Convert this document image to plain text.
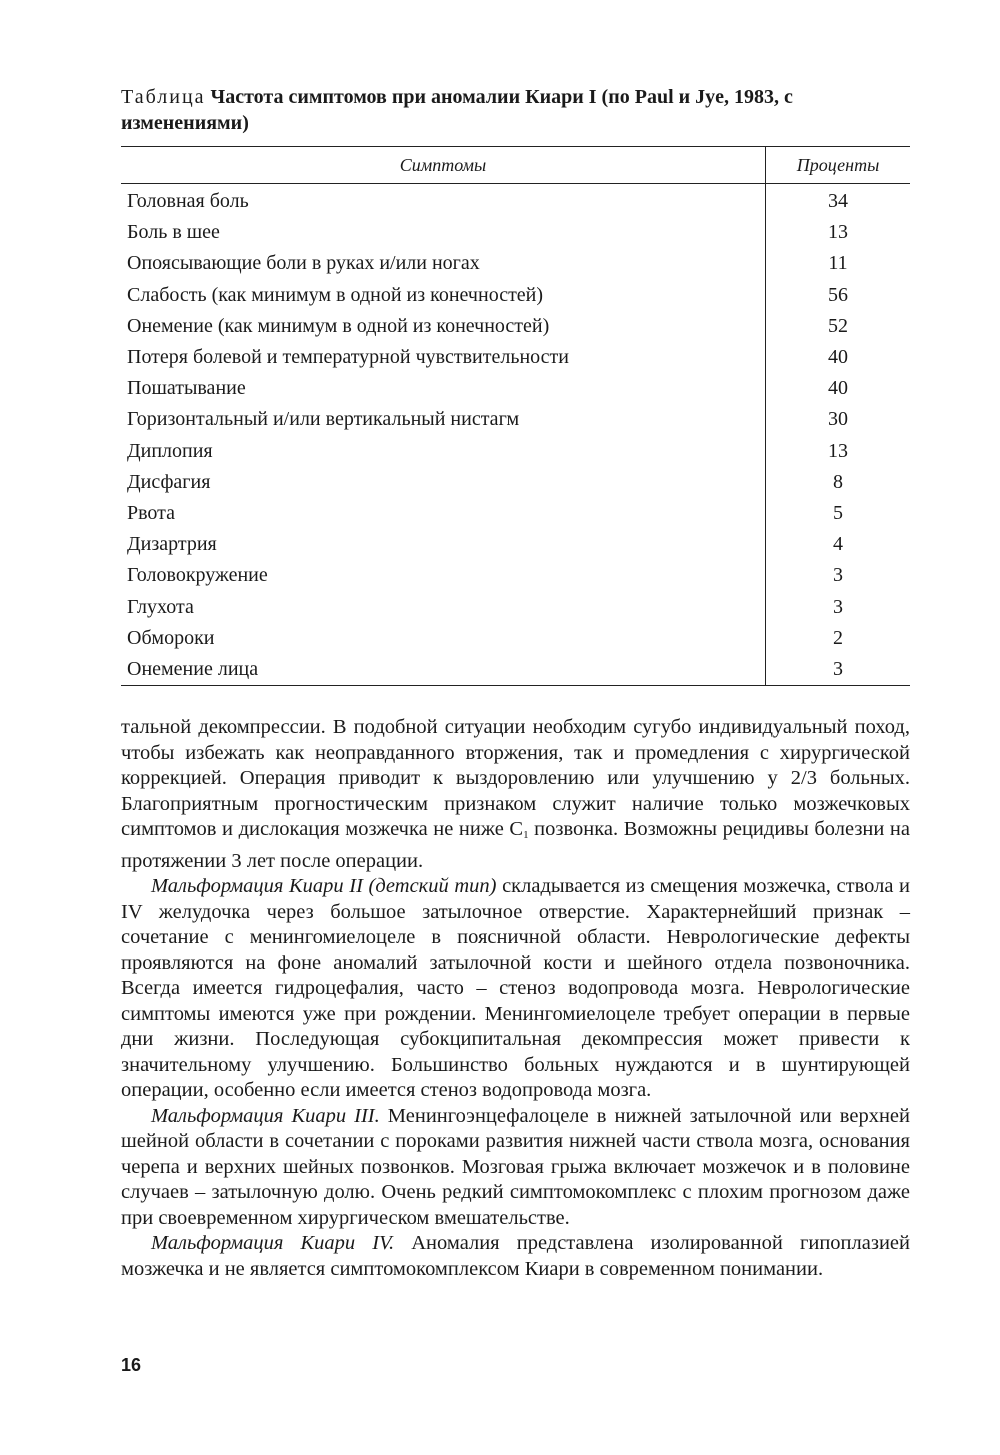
Таблица Частота симптомов при аномалии Киари I (по Paul и Jye, 1983, с изменениями)
Симптомы	Проценты
Головная боль	34
Боль в шее	13
Опоясывающие боли в руках и/или ногах	11
Слабость (как минимум в одной из конечностей)	56
Онемение (как минимум в одной из конечностей)	52
Потеря болевой и температурной чувствительности	40
Пошатывание	40
Горизонтальный и/или вертикальный нистагм	30
Диплопия	13
Дисфагия	8
Рвота	5
Дизартрия	4
Головокружение	3
Глухота	3
Обмороки	2
Онемение лица	3

тальной декомпрессии. В подобной ситуации необходим сугубо индивидуальный поход, чтобы избежать как неоправданного вторжения, так и промедления с хирургической коррекцией. Операция приводит к выздоровлению или улучшению у 2/3 больных. Благоприятным прогностическим признаком служит наличие только мозжечковых симптомов и дислокация мозжечка не ниже $C_1$ позвонка. Возможны рецидивы болезни на протяжении 3 лет после операции.

Мальформация Киари II (детский тип) складывается из смещения мозжечка, ствола и IV желудочка через большое затылочное отверстие. Характернейший признак – сочетание с менингомиелоцеле в поясничной области. Неврологические дефекты проявляются на фоне аномалий затылочной кости и шейного отдела позвоночника. Всегда имеется гидроцефалия, часто – стеноз водопровода мозга. Неврологические симптомы имеются уже при рождении. Менингомиелоцеле требует операции в первые дни жизни. Последующая субокципитальная декомпрессия может привести к значительному улучшению. Большинство больных нуждаются и в шунтирующей операции, особенно если имеется стеноз водопровода мозга.

Мальформация Киари III. Менингоэнцефалоцеле в нижней затылочной или верхней шейной области в сочетании с пороками развития нижней части ствола мозга, основания черепа и верхних шейных позвонков. Мозговая грыжа включает мозжечок и в половине случаев – затылочную долю. Очень редкий симптомокомплекс с плохим прогнозом даже при своевременном хирургическом вмешательстве.

Мальформация Киари IV. Аномалия представлена изолированной гипоплазией мозжечка и не является симптомокомплексом Киари в современном понимании.

16
